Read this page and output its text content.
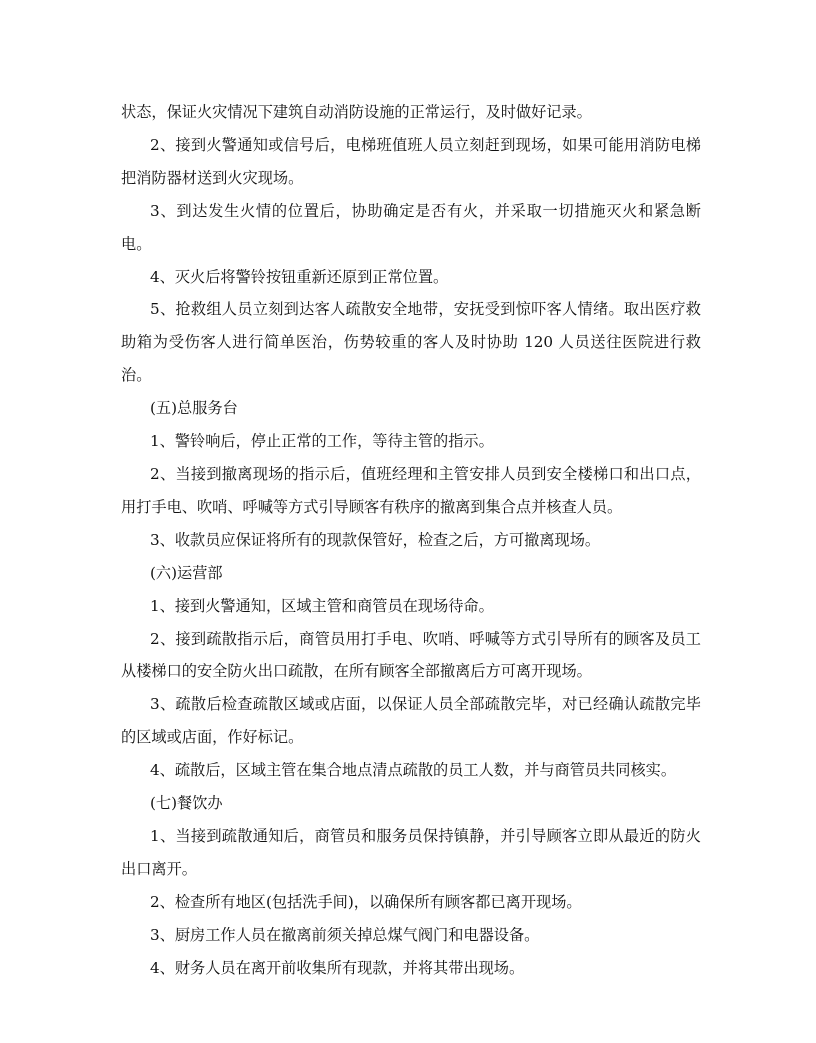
状态，保证火灾情况下建筑自动消防设施的正常运行，及时做好记录。

2、接到火警通知或信号后，电梯班值班人员立刻赶到现场，如果可能用消防电梯把消防器材送到火灾现场。

3、到达发生火情的位置后，协助确定是否有火，并采取一切措施灭火和紧急断电。

4、灭火后将警铃按钮重新还原到正常位置。

5、抢救组人员立刻到达客人疏散安全地带，安抚受到惊吓客人情绪。取出医疗救助箱为受伤客人进行简单医治，伤势较重的客人及时协助 120 人员送往医院进行救治。

(五)总服务台

1、警铃响后，停止正常的工作，等待主管的指示。

2、当接到撤离现场的指示后，值班经理和主管安排人员到安全楼梯口和出口点，用打手电、吹哨、呼喊等方式引导顾客有秩序的撤离到集合点并核查人员。

3、收款员应保证将所有的现款保管好，检查之后，方可撤离现场。

(六)运营部

1、接到火警通知，区域主管和商管员在现场待命。

2、接到疏散指示后，商管员用打手电、吹哨、呼喊等方式引导所有的顾客及员工从楼梯口的安全防火出口疏散，在所有顾客全部撤离后方可离开现场。

3、疏散后检查疏散区域或店面，以保证人员全部疏散完毕，对已经确认疏散完毕的区域或店面，作好标记。

4、疏散后，区域主管在集合地点清点疏散的员工人数，并与商管员共同核实。

(七)餐饮办

1、当接到疏散通知后，商管员和服务员保持镇静，并引导顾客立即从最近的防火出口离开。

2、检查所有地区(包括洗手间)，以确保所有顾客都已离开现场。

3、厨房工作人员在撤离前须关掉总煤气阀门和电器设备。

4、财务人员在离开前收集所有现款，并将其带出现场。
